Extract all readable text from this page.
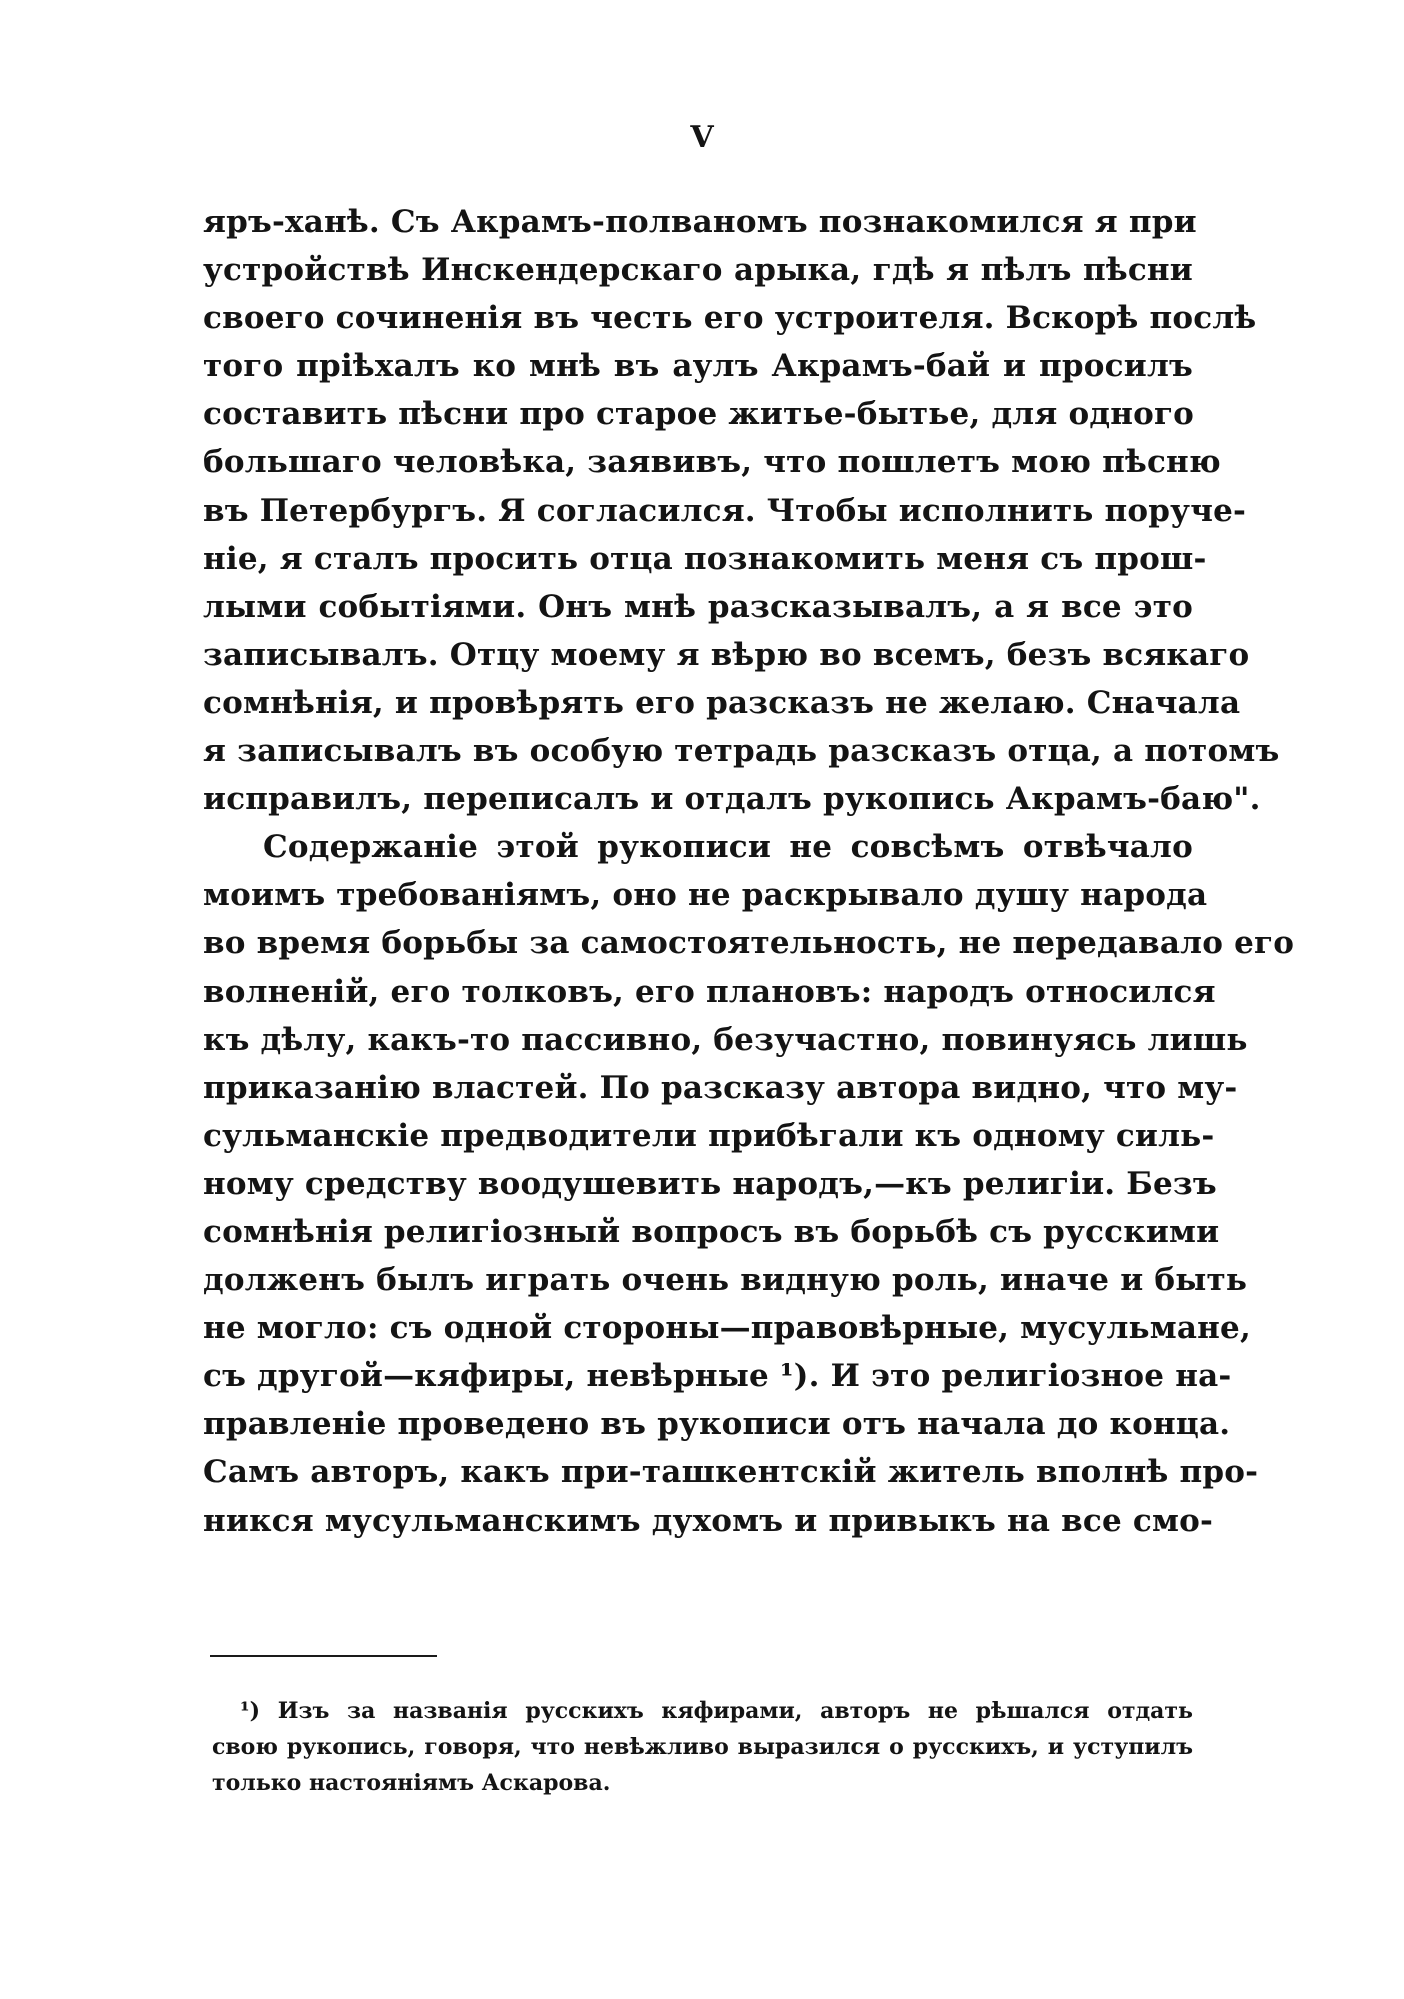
V
яръ-ханѣ. Съ Акрамъ-полваномъ познакомился я при
устройствѣ Инскендерскаго арыка, гдѣ я пѣлъ пѣсни
своего сочиненія въ честь его устроителя. Вскорѣ послѣ
того пріѣхалъ ко мнѣ въ аулъ Акрамъ-бай и просилъ
составить пѣсни про старое житье-бытье, для одного
большаго человѣка, заявивъ, что пошлетъ мою пѣсню
въ Петербургъ. Я согласился. Чтобы исполнить поруче-
ніе, я сталъ просить отца познакомить меня съ прош-
лыми событіями. Онъ мнѣ разсказывалъ, а я все это
записывалъ. Отцу моему я вѣрю во всемъ, безъ всякаго
сомнѣнія, и провѣрять его разсказъ не желаю. Сначала
я записывалъ въ особую тетрадь разсказъ отца, а потомъ
исправилъ, переписалъ и отдалъ рукопись Акрамъ-баю".
Содержаніе этой рукописи не совсѣмъ отвѣчало
моимъ требованіямъ, оно не раскрывало душу народа
во время борьбы за самостоятельность, не передавало его
волненій, его толковъ, его плановъ: народъ относился
къ дѣлу, какъ-то пассивно, безучастно, повинуясь лишь
приказанію властей. По разсказу автора видно, что му-
сульманскіе предводители прибѣгали къ одному силь-
ному средству воодушевить народъ,—къ религіи. Безъ
сомнѣнія религіозный вопросъ въ борьбѣ съ русскими
долженъ былъ играть очень видную роль, иначе и быть
не могло: съ одной стороны—правовѣрные, мусульмане,
съ другой—кяфиры, невѣрные ¹). И это религіозное на-
правленіе проведено въ рукописи отъ начала до конца.
Самъ авторъ, какъ при-ташкентскій житель вполнѣ про-
никся мусульманскимъ духомъ и привыкъ на все смо-
¹) Изъ за названія русскихъ кяфирами, авторъ не рѣшался отдать
свою рукопись, говоря, что невѣжливо выразился о русскихъ, и уступилъ
только настояніямъ Аскарова.
